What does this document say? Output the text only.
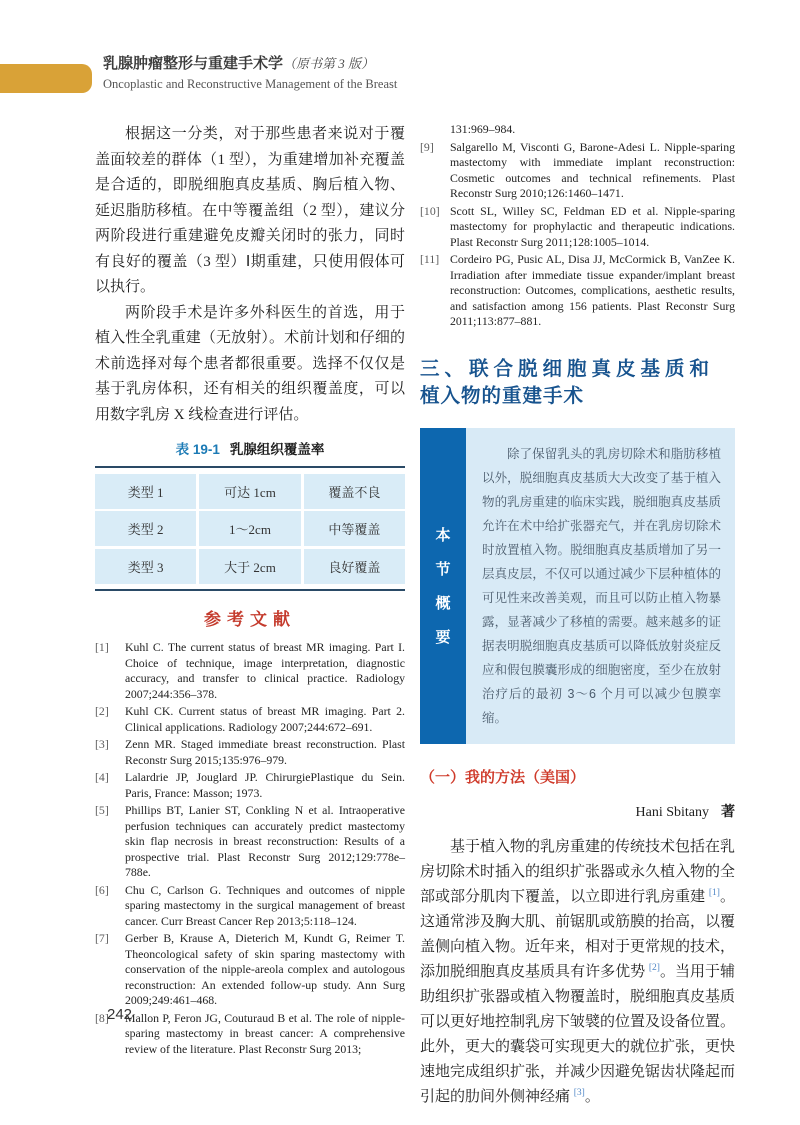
乳腺肿瘤整形与重建手术学（原书第 3 版）
Oncoplastic and Reconstructive Management of the Breast

根据这一分类，对于那些患者来说对于覆盖面较差的群体（1 型），为重建增加补充覆盖是合适的，即脱细胞真皮基质、胸后植入物、延迟脂肪移植。在中等覆盖组（2 型），建议分两阶段进行重建避免皮瓣关闭时的张力，同时有良好的覆盖（3 型）Ⅰ期重建，只使用假体可以执行。

两阶段手术是许多外科医生的首选，用于植入性全乳重建（无放射）。术前计划和仔细的术前选择对每个患者都很重要。选择不仅仅是基于乳房体积，还有相关的组织覆盖度，可以用数字乳房 X 线检查进行评估。

表 19-1 乳腺组织覆盖率
类型 1	可达 1cm	覆盖不良
类型 2	1～2cm	中等覆盖
类型 3	大于 2cm	良好覆盖
参考文献
[1]	Kuhl C. The current status of breast MR imaging. Part I. Choice of technique, image interpretation, diagnostic accuracy, and transfer to clinical practice. Radiology 2007;244:356–378.
[2]	Kuhl CK. Current status of breast MR imaging. Part 2. Clinical applications. Radiology 2007;244:672–691.
[3]	Zenn MR. Staged immediate breast reconstruction. Plast Reconstr Surg 2015;135:976–979.
[4]	Lalardrie JP, Jouglard JP. ChirurgiePlastique du Sein. Paris, France: Masson; 1973.
[5]	Phillips BT, Lanier ST, Conkling N et al. Intraoperative perfusion techniques can accurately predict mastectomy skin flap necrosis in breast reconstruction: Results of a prospective trial. Plast Reconstr Surg 2012;129:778e–788e.
[6]	Chu C, Carlson G. Techniques and outcomes of nipple sparing mastectomy in the surgical management of breast cancer. Curr Breast Cancer Rep 2013;5:118–124.
[7]	Gerber B, Krause A, Dieterich M, Kundt G, Reimer T. Theoncological safety of skin sparing mastectomy with conservation of the nipple-areola complex and autologous reconstruction: An extended follow-up study. Ann Surg 2009;249:461–468.
[8]	Mallon P, Feron JG, Couturaud B et al. The role of nipple-sparing mastectomy in breast cancer: A comprehensive review of the literature. Plast Reconstr Surg 2013;
131:969–984.
[9]	Salgarello M, Visconti G, Barone-Adesi L. Nipple-sparing mastectomy with immediate implant reconstruction: Cosmetic outcomes and technical refinements. Plast Reconstr Surg 2010;126:1460–1471.
[10] Scott SL, Willey SC, Feldman ED et al. Nipple-sparing mastectomy for prophylactic and therapeutic indications. Plast Reconstr Surg 2011;128:1005–1014.
[11] Cordeiro PG, Pusic AL, Disa JJ, McCormick B, VanZee K. Irradiation after immediate tissue expander/implant breast reconstruction: Outcomes, complications, aesthetic results, and satisfaction among 156 patients. Plast Reconstr Surg 2011;113:877–881.
三、联合脱细胞真皮基质和
植入物的重建手术
本
节
概
要

除了保留乳头的乳房切除术和脂肪移植以外，脱细胞真皮基质大大改变了基于植入物的乳房重建的临床实践，脱细胞真皮基质允许在术中给扩张器充气，并在乳房切除术时放置植入物。脱细胞真皮基质增加了另一层真皮层，不仅可以通过减少下层种植体的可见性来改善美观，而且可以防止植入物暴露，显著减少了移植的需要。越来越多的证据表明脱细胞真皮基质可以降低放射炎症反应和假包膜囊形成的细胞密度，至少在放射治疗后的最初 3～6 个月可以减少包膜挛缩。

（一）我的方法（美国）
Hani Sbitany 著

基于植入物的乳房重建的传统技术包括在乳房切除术时插入的组织扩张器或永久植入物的全部或部分肌肉下覆盖，以立即进行乳房重建 [1]。这通常涉及胸大肌、前锯肌或筋膜的抬高，以覆盖侧向植入物。近年来，相对于更常规的技术，添加脱细胞真皮基质具有许多优势 [2]。当用于辅助组织扩张器或植入物覆盖时，脱细胞真皮基质可以更好地控制乳房下皱襞的位置及设备位置。此外，更大的囊袋可实现更大的就位扩张，更快速地完成组织扩张，并减少因避免锯齿状隆起而引起的肋间外侧神经痛 [3]。

242
